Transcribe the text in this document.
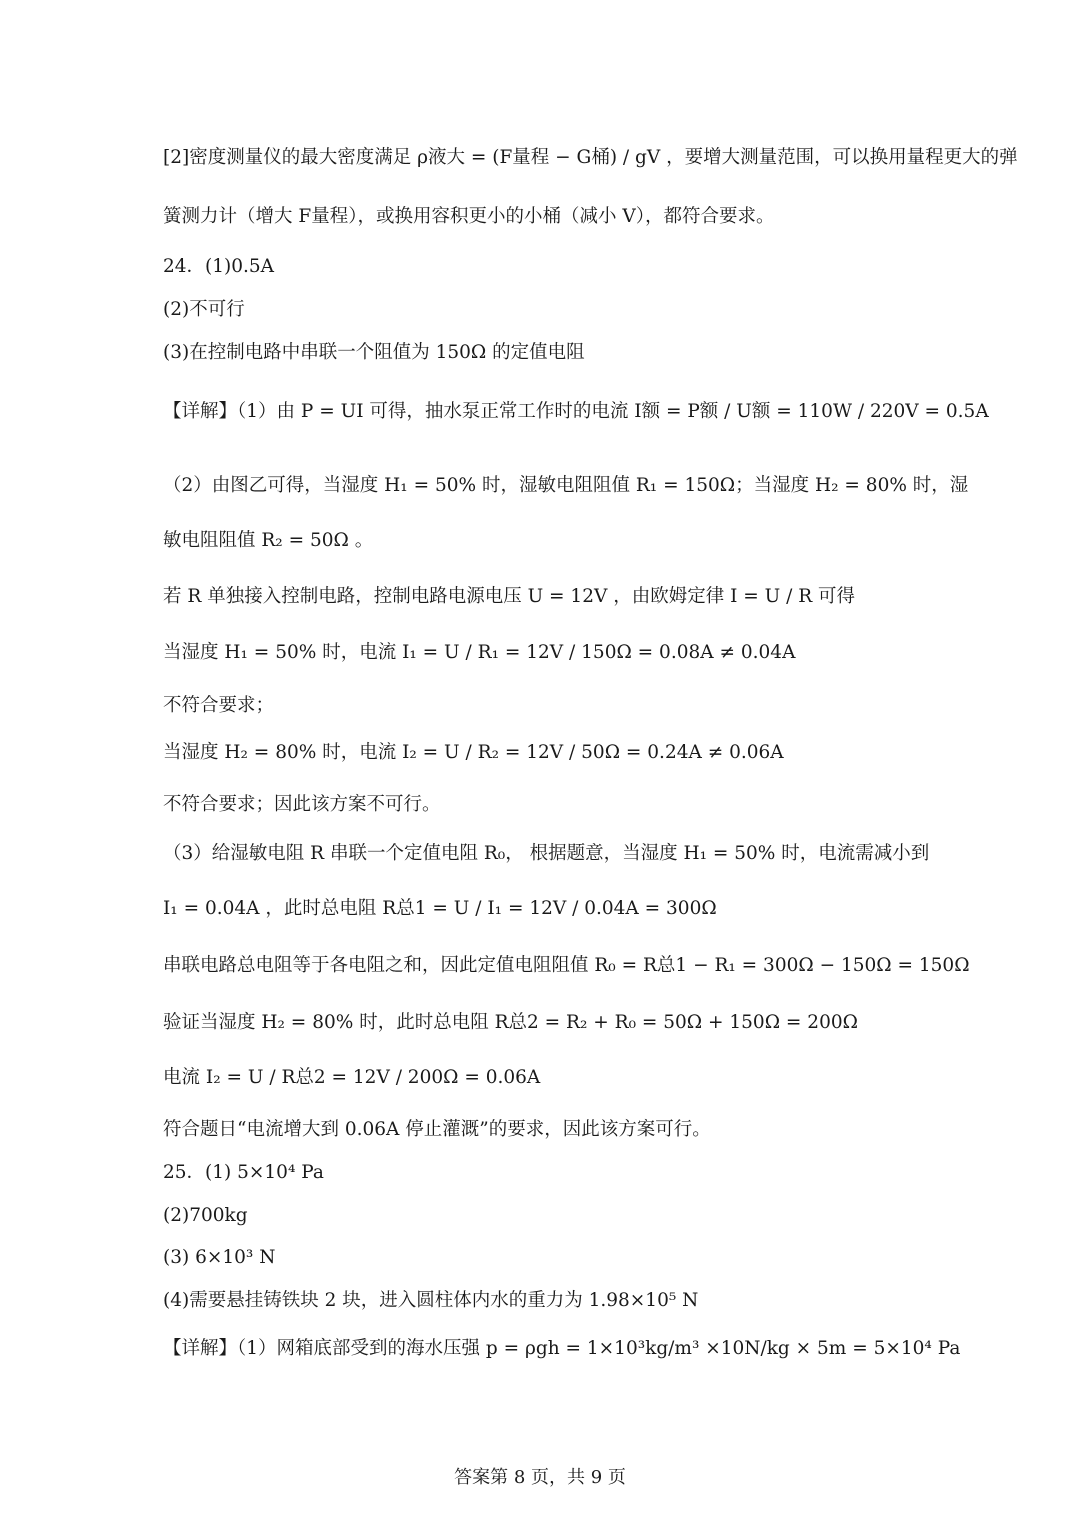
[2]密度测量仪的最大密度满足 ρ液大 = (F量程 − G桶) / gV ，要增大测量范围，可以换用量程更大的弹
簧测力计（增大 F量程），或换用容积更小的小桶（减小 V），都符合要求。
24．(1)0.5A
(2)不可行
(3)在控制电路中串联一个阻值为 150Ω 的定值电阻
【详解】（1）由 P = UI 可得，抽水泵正常工作时的电流 I额 = P额 / U额 = 110W / 220V = 0.5A
（2）由图乙可得，当湿度 H₁ = 50% 时，湿敏电阻阻值 R₁ = 150Ω；当湿度 H₂ = 80% 时，湿
敏电阻阻值 R₂ = 50Ω 。
若 R 单独接入控制电路，控制电路电源电压 U = 12V ，由欧姆定律 I = U / R 可得
当湿度 H₁ = 50% 时，电流 I₁ = U / R₁ = 12V / 150Ω = 0.08A ≠ 0.04A
不符合要求；
当湿度 H₂ = 80% 时，电流 I₂ = U / R₂ = 12V / 50Ω = 0.24A ≠ 0.06A
不符合要求；因此该方案不可行。
（3）给湿敏电阻 R 串联一个定值电阻 R₀， 根据题意，当湿度 H₁ = 50% 时，电流需减小到
I₁ = 0.04A ，此时总电阻 R总1 = U / I₁ = 12V / 0.04A = 300Ω
串联电路总电阻等于各电阻之和，因此定值电阻阻值 R₀ = R总1 − R₁ = 300Ω − 150Ω = 150Ω
验证当湿度 H₂ = 80% 时，此时总电阻 R总2 = R₂ + R₀ = 50Ω + 150Ω = 200Ω
电流 I₂ = U / R总2 = 12V / 200Ω = 0.06A
符合题日“电流增大到 0.06A 停止灌溉”的要求，因此该方案可行。
25．(1) 5×10⁴ Pa
(2)700kg
(3) 6×10³ N
(4)需要悬挂铸铁块 2 块，进入圆柱体内水的重力为 1.98×10⁵ N
【详解】（1）网箱底部受到的海水压强 p = ρgh = 1×10³kg/m³ ×10N/kg × 5m = 5×10⁴ Pa
答案第 8 页，共 9 页
